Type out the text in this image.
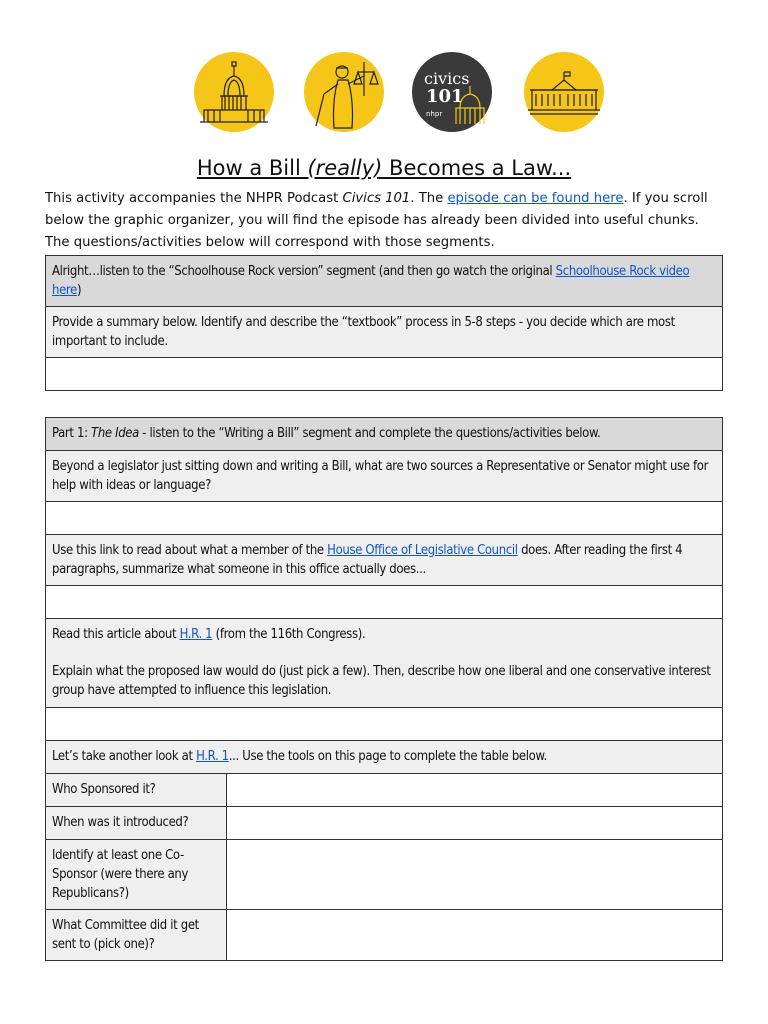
civics
101
nhpr
How a Bill (really) Becomes a Law...
This activity accompanies the NHPR Podcast Civics 101. The episode can be found here. If you scroll below the graphic organizer, you will find the episode has already been divided into useful chunks. The questions/activities below will correspond with those segments.
Alright…listen to the “Schoolhouse Rock version” segment (and then go watch the original Schoolhouse Rock video here)
Provide a summary below. Identify and describe the “textbook” process in 5-8 steps - you decide which are most important to include.

Part 1: The Idea - listen to the “Writing a Bill” segment and complete the questions/activities below.	
Beyond a legislator just sitting down and writing a Bill, what are two sources a Representative or Senator might use for help with ideas or language?	

Use this link to read about what a member of the House Office of Legislative Council does. After reading the first 4 paragraphs, summarize what someone in this office actually does...	

Read this article about H.R. 1 (from the 116th Congress).
Explain what the proposed law would do (just pick a few). Then, describe how one liberal and one conservative interest group have attempted to influence this legislation.	

Let’s take another look at H.R. 1... Use the tools on this page to complete the table below.	
Who Sponsored it?	
When was it introduced?	
Identify at least one Co-Sponsor (were there any Republicans?)	
What Committee did it get sent to (pick one)?	
